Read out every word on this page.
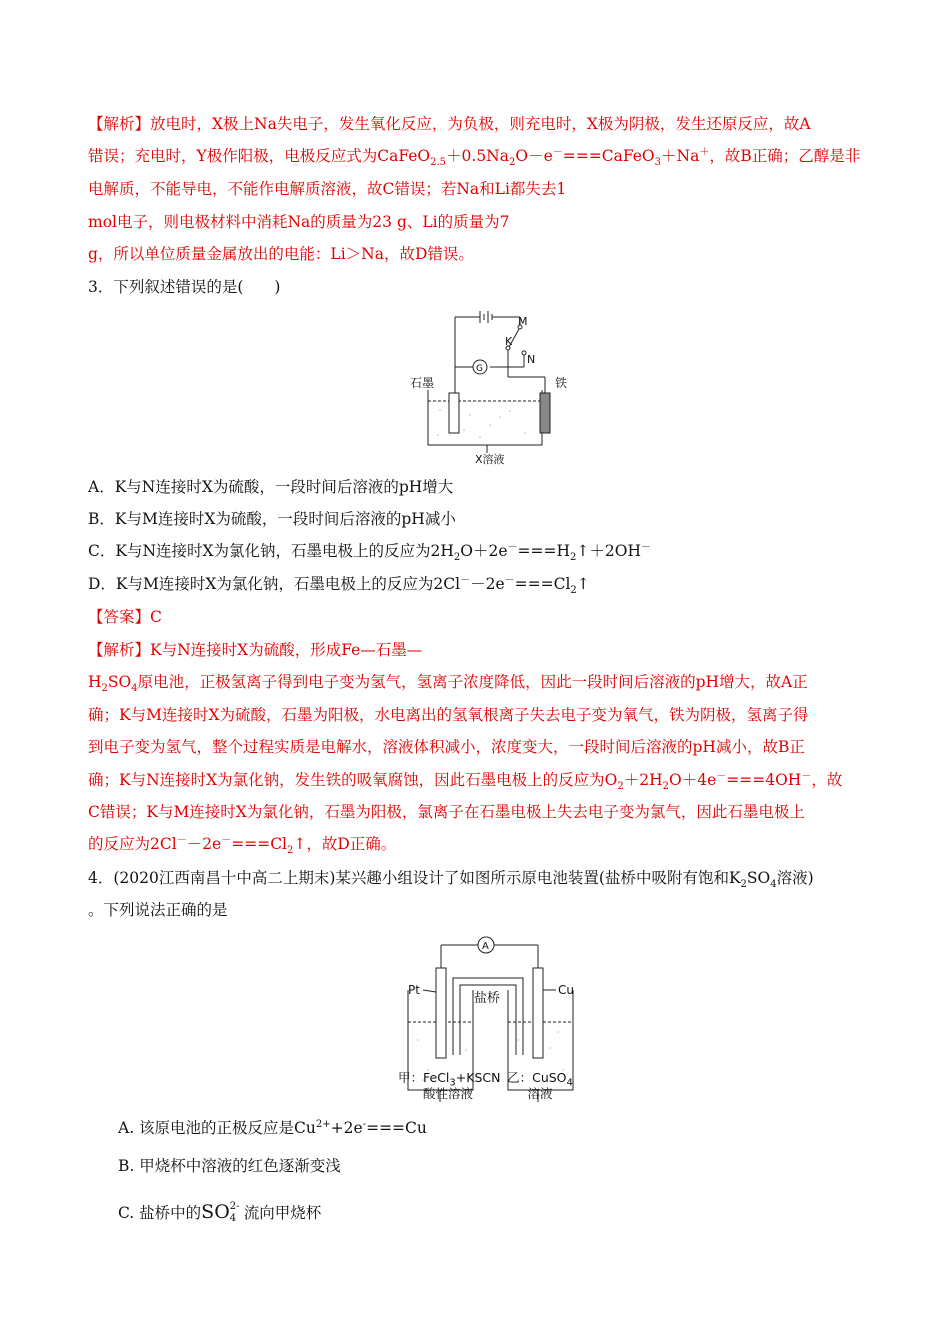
【解析】放电时，X极上Na失电子，发生氧化反应，为负极，则充电时，X极为阴极，发生还原反应，故A
错误；充电时，Y极作阳极，电极反应式为$CaFeO_{2.5}+0.5Na_2O-e^-===CaFeO_3+Na^+$，故B正确；乙醇是非
电解质，不能导电，不能作电解质溶液，故C错误；若Na和Li都失去1
mol电子，则电极材料中消耗Na的质量为23 g、Li的质量为7
g，所以单位质量金属放出的电能：Li＞Na，故D错误。
3．下列叙述错误的是(　　)
M
K
N
G
石墨	铁
X溶液
A．K与N连接时X为硫酸，一段时间后溶液的pH增大
B．K与M连接时X为硫酸，一段时间后溶液的pH减小
C．K与N连接时X为氯化钠，石墨电极上的反应为$2H_2O+2e^-===H_2↑+2OH^-$
D．K与M连接时X为氯化钠，石墨电极上的反应为$2Cl^--2e^-===Cl_2↑$
【答案】C
【解析】K与N连接时X为硫酸，形成Fe—石墨—
$H_2SO_4$原电池，正极氢离子得到电子变为氢气，氢离子浓度降低，因此一段时间后溶液的pH增大，故A正
确；K与M连接时X为硫酸，石墨为阳极，水电离出的氢氧根离子失去电子变为氧气，铁为阴极，氢离子得
到电子变为氢气，整个过程实质是电解水，溶液体积减小，浓度变大，一段时间后溶液的pH减小，故B正
确；K与N连接时X为氯化钠，发生铁的吸氧腐蚀，因此石墨电极上的反应为$O_2+2H_2O+4e^-===4OH^-$，故
C错误；K与M连接时X为氯化钠，石墨为阳极，氯离子在石墨电极上失去电子变为氯气，因此石墨电极上
的反应为$2Cl^--2e^-===Cl_2↑$，故D正确。
4．(2020江西南昌十中高二上期末)某兴趣小组设计了如图所示原电池装置(盐桥中吸附有饱和$K_2SO_4$溶液)
。下列说法正确的是
A
Pt	Cu
盐桥
甲：FeCl$_3$+KSCN
酸性溶液
乙：CuSO$_4$
溶液
A. 该原电池的正极反应是$Cu^{2+}+2e^-===Cu$
B. 甲烧杯中溶液的红色逐渐变浅
C. 盐桥中的SO 2-
4 流向甲烧杯
